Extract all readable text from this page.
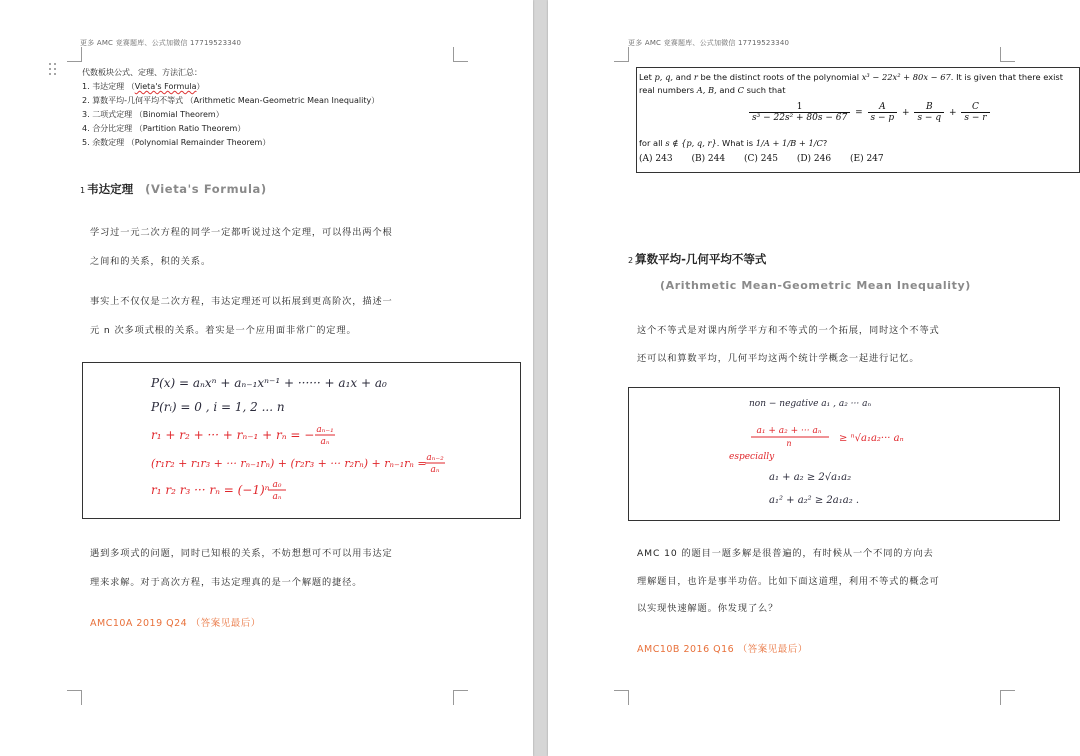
更多 AMC 竞赛题库、公式加微信 17719523340
代数板块公式、定理、方法汇总：
1. 韦达定理 （Vieta's Formula）
2. 算数平均-几何平均不等式 （Arithmetic Mean-Geometric Mean Inequality）
3. 二项式定理 （Binomial Theorem）
4. 合分比定理 （Partition Ratio Theorem）
5. 余数定理 （Polynomial Remainder Theorem）
1 韦达定理 (Vieta's Formula)
学习过一元二次方程的同学一定都听说过这个定理，可以得出两个根
之间和的关系，积的关系。
事实上不仅仅是二次方程，韦达定理还可以拓展到更高阶次，描述一
元 n 次多项式根的关系。着实是一个应用面非常广的定理。
P(x) = aₙxⁿ + aₙ₋₁xⁿ⁻¹ + ······ + a₁x + a₀
P(rᵢ) = 0 , i = 1, 2 ... n
r₁ + r₂ + ··· + rₙ₋₁ + rₙ = −
(r₁r₂ + r₁r₃ + ··· rₙ₋₁rₙ) + (r₂r₃ + ··· r₂rₙ) + rₙ₋₁rₙ =
r₁ r₂ r₃ ··· rₙ = (−1)ⁿ
aₙ₋₁
aₙ
aₙ₋₂
aₙ
a₀
aₙ
遇到多项式的问题，同时已知根的关系，不妨想想可不可以用韦达定
理来求解。对于高次方程，韦达定理真的是一个解题的捷径。
AMC10A 2019 Q24 （答案见最后）
更多 AMC 竞赛题库、公式加微信 17719523340
Let p, q, and r be the distinct roots of the polynomial x³ − 22x² + 80x − 67. It is given that there exist
real numbers A, B, and C such that
$\frac{1}{\text{s³ − 22s² + 80s − 67}} = \frac{A}{s - p} + \frac{B}{s - q} + \frac{C}{s - r}$
for all s ∉ {p, q, r}. What is 1/A + 1/B + 1/C?
(A) 243 (B) 244 (C) 245 (D) 246 (E) 247
2 算数平均-几何平均不等式
(Arithmetic Mean-Geometric Mean Inequality)
这个不等式是对课内所学平方和不等式的一个拓展，同时这个不等式
还可以和算数平均，几何平均这两个统计学概念一起进行记忆。
non − negative a₁ , a₂ ··· aₙ
a₁ + a₂ + ··· aₙ
n	≥ ⁿ√a₁a₂··· aₙ
especially
a₁ + a₂ ≥ 2√a₁a₂
a₁² + a₂² ≥ 2a₁a₂ .
AMC 10 的题目一题多解是很普遍的，有时候从一个不同的方向去
理解题目，也许是事半功倍。比如下面这道理，利用不等式的概念可
以实现快速解题。你发现了么？
AMC10B 2016 Q16 （答案见最后）
